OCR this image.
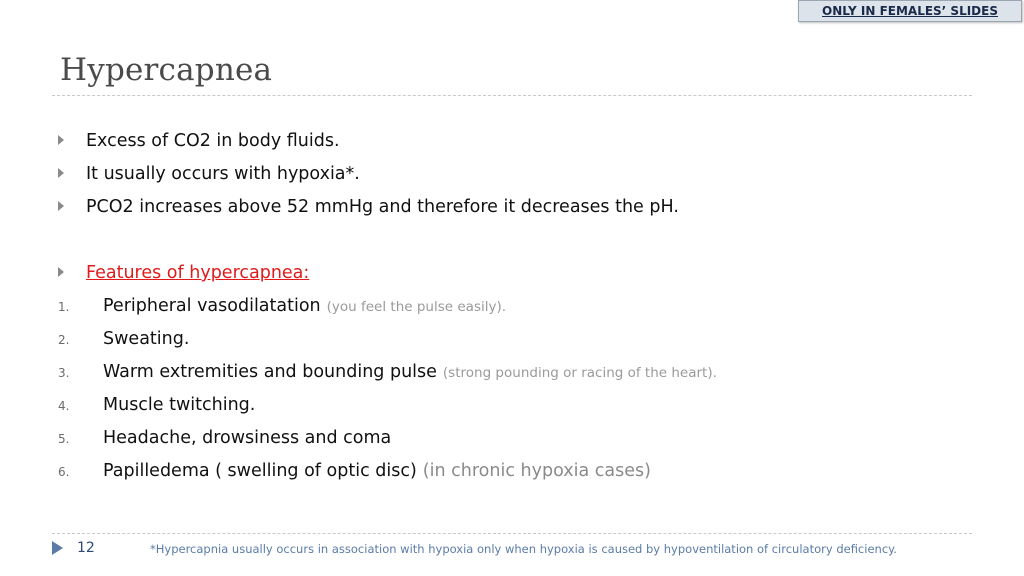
ONLY IN FEMALES’ SLIDES
Hypercapnea
Excess of CO2 in body fluids.
It usually occurs with hypoxia*.
PCO2 increases above 52 mmHg and therefore it decreases the pH.
Features of hypercapnea:
1.	Peripheral vasodilatation (you feel the pulse easily).
2.	Sweating.
3.	Warm extremities and bounding pulse (strong pounding or racing of the heart).
4.	Muscle twitching.
5.	Headache, drowsiness and coma
6.	Papilledema ( swelling of optic disc) (in chronic hypoxia cases)
12	*Hypercapnia usually occurs in association with hypoxia only when hypoxia is caused by hypoventilation of circulatory deficiency.
